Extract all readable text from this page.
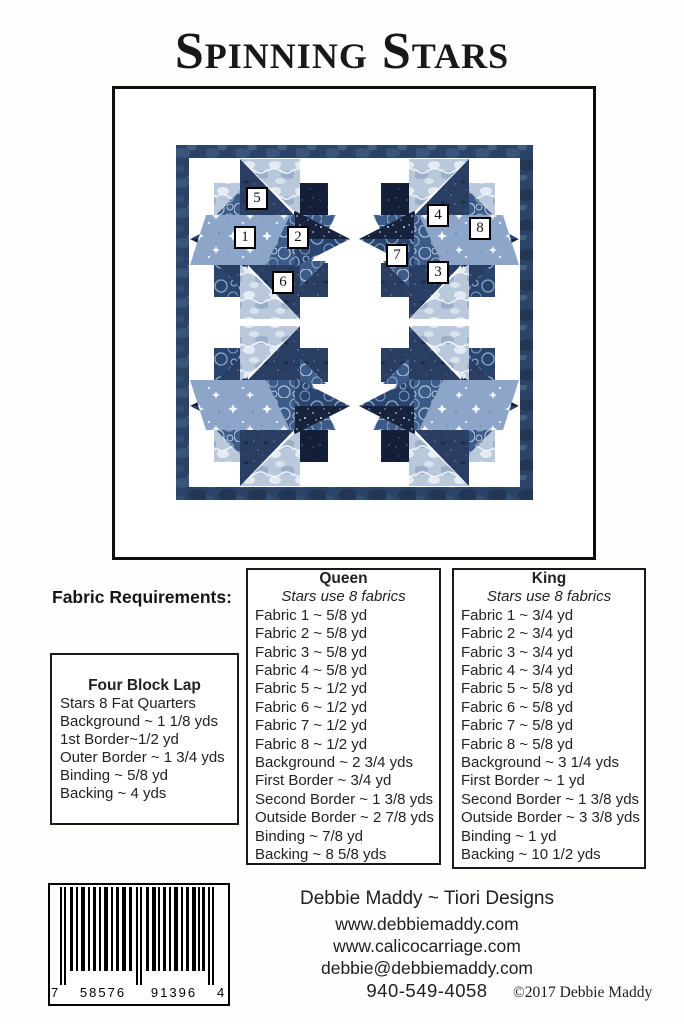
Spinning Stars
1	2
3
4
5
6
7
8
Fabric Requirements:
Four Block Lap
Stars 8 Fat Quarters
Background ~ 1 1/8 yds
1st Border~1/2 yd
Outer Border ~ 1 3/4 yds
Binding ~ 5/8 yd
Backing ~ 4 yds
Queen
Stars use 8 fabrics
Fabric 1 ~ 5/8 yd
Fabric 2 ~ 5/8 yd
Fabric 3 ~ 5/8 yd
Fabric 4 ~ 5/8 yd
Fabric 5 ~ 1/2 yd
Fabric 6 ~ 1/2 yd
Fabric 7 ~ 1/2 yd
Fabric 8 ~ 1/2 yd
Background ~ 2 3/4 yds
First Border ~ 3/4 yd
Second Border ~ 1 3/8 yds
Outside Border ~ 2 7/8 yds
Binding ~ 7/8 yd
Backing ~ 8 5/8 yds
King
Stars use 8 fabrics
Fabric 1 ~ 3/4 yd
Fabric 2 ~ 3/4 yd
Fabric 3 ~ 3/4 yd
Fabric 4 ~ 3/4 yd
Fabric 5 ~ 5/8 yd
Fabric 6 ~ 5/8 yd
Fabric 7 ~ 5/8 yd
Fabric 8 ~ 5/8 yd
Background ~ 3 1/4 yds
First Border ~ 1 yd
Second Border ~ 1 3/8 yds
Outside Border ~ 3 3/8 yds
Binding ~ 1 yd
Backing ~ 10 1/2 yds
7 58576 91396 4
Debbie Maddy ~ Tiori Designs
www.debbiemaddy.com
www.calicocarriage.com
debbie@debbiemaddy.com
940-549-4058	©2017 Debbie Maddy
